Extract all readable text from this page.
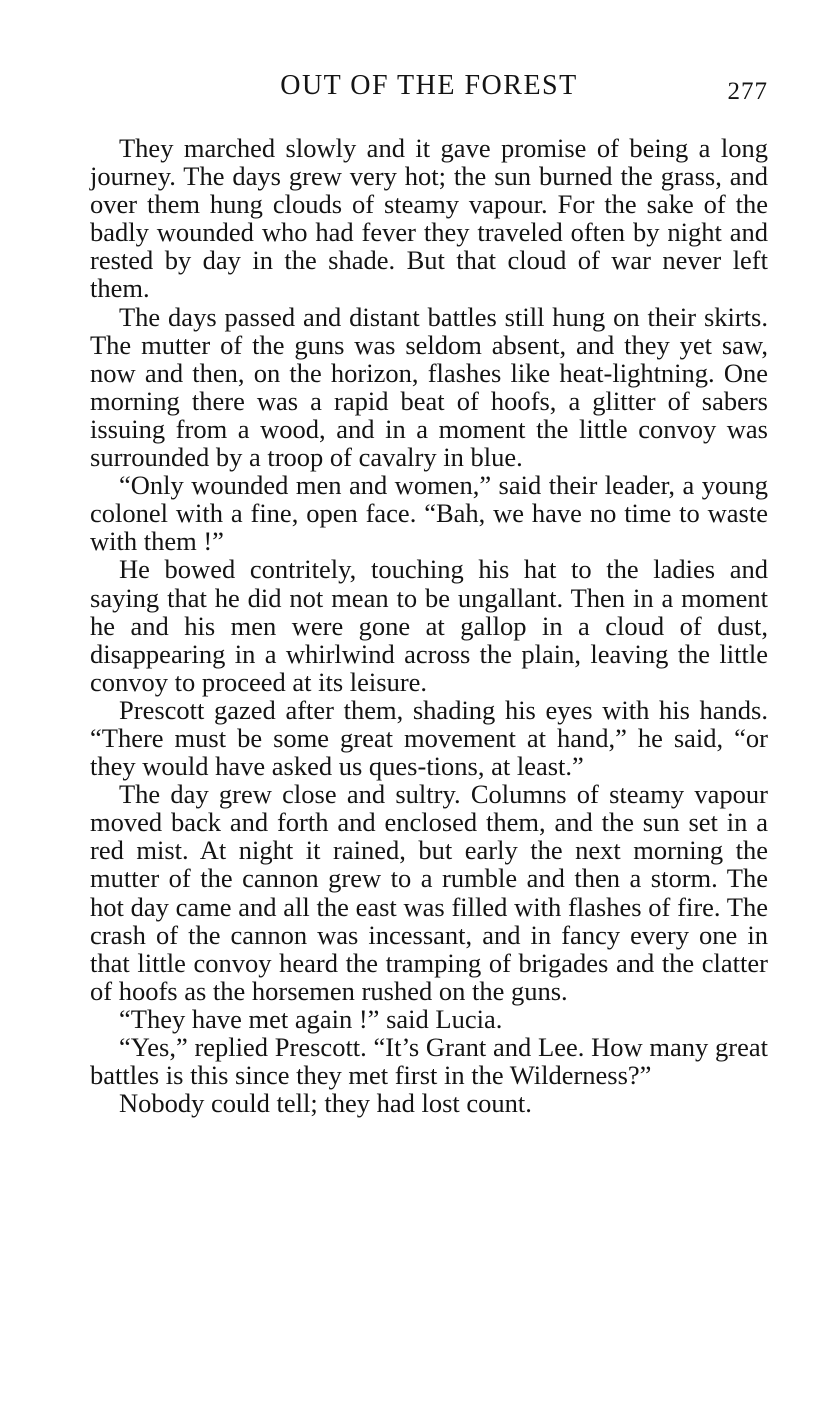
OUT OF THE FOREST	277

They marched slowly and it gave promise of being a long journey. The days grew very hot; the sun burned the grass, and over them hung clouds of steamy vapour. For the sake of the badly wounded who had fever they traveled often by night and rested by day in the shade. But that cloud of war never left them.

The days passed and distant battles still hung on their skirts. The mutter of the guns was seldom absent, and they yet saw, now and then, on the horizon, flashes like heat-lightning. One morning there was a rapid beat of hoofs, a glitter of sabers issuing from a wood, and in a moment the little convoy was surrounded by a troop of cavalry in blue.

“Only wounded men and women,” said their leader, a young colonel with a fine, open face. “Bah, we have no time to waste with them !”

He bowed contritely, touching his hat to the ladies and saying that he did not mean to be ungallant. Then in a moment he and his men were gone at gallop in a cloud of dust, disappearing in a whirlwind across the plain, leaving the little convoy to proceed at its leisure.

Prescott gazed after them, shading his eyes with his hands. “There must be some great movement at hand,” he said, “or they would have asked us ques-tions, at least.”

The day grew close and sultry. Columns of steamy vapour moved back and forth and enclosed them, and the sun set in a red mist. At night it rained, but early the next morning the mutter of the cannon grew to a rumble and then a storm. The hot day came and all the east was filled with flashes of fire. The crash of the cannon was incessant, and in fancy every one in that little convoy heard the tramping of brigades and the clatter of hoofs as the horsemen rushed on the guns.

“They have met again !” said Lucia.

“Yes,” replied Prescott. “It’s Grant and Lee. How many great battles is this since they met first in the Wilderness?”

Nobody could tell; they had lost count.
